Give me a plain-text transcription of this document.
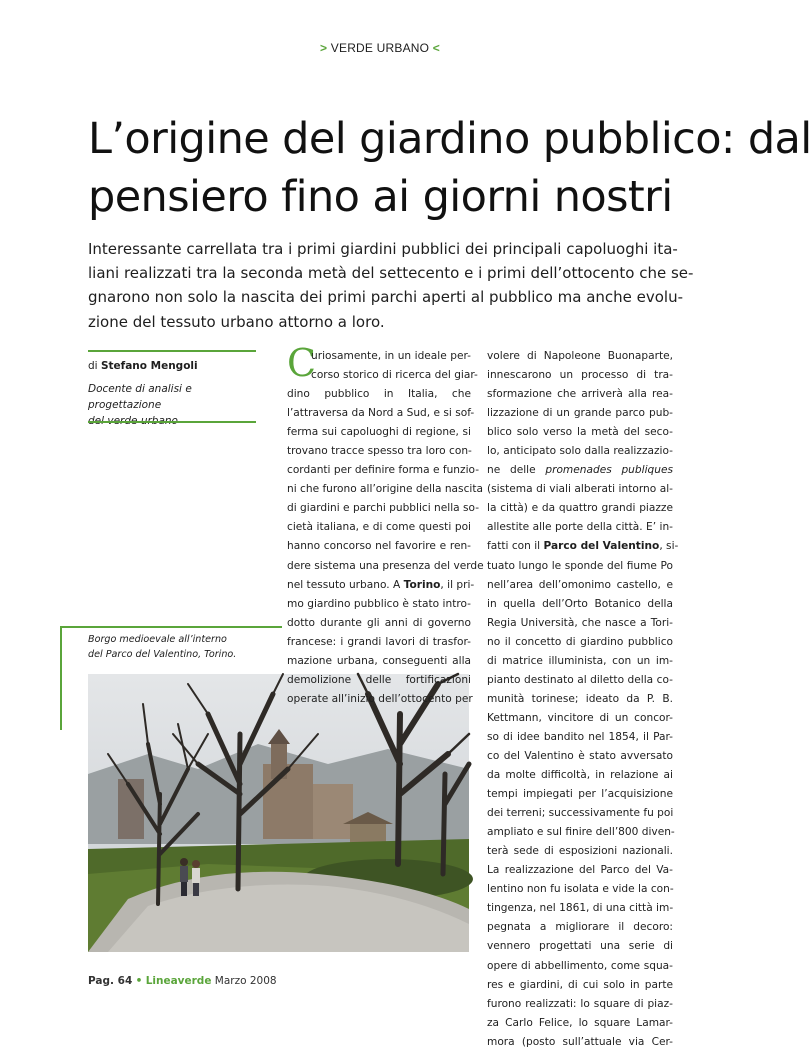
> VERDE URBANO <
L’origine del giardino pubblico: dal
pensiero fino ai giorni nostri
Interessante carrellata tra i primi giardini pubblici dei principali capoluoghi ita-
liani realizzati tra la seconda metà del settecento e i primi dell’ottocento che se-
gnarono non solo la nascita dei primi parchi aperti al pubblico ma anche evolu-
zione del tessuto urbano attorno a loro.
di Stefano Mengoli
Docente di analisi e progettazione
Borgo medioevale all’interno
del Parco del Valentino, Torino.
C
uriosamente, in un ideale per-
corso storico di ricerca del giar-
dino pubblico in Italia, che
l’attraversa da Nord a Sud, e si sof-
ferma sui capoluoghi di regione, si
trovano tracce spesso tra loro con-
cordanti per definire forma e funzio-
ni che furono all’origine della nascita
di giardini e parchi pubblici nella so-
cietà italiana, e di come questi poi
hanno concorso nel favorire e ren-
dere sistema una presenza del verde
nel tessuto urbano. A Torino, il pri-
mo giardino pubblico è stato intro-
dotto durante gli anni di governo
francese: i grandi lavori di trasfor-
mazione urbana, conseguenti alla
demolizione delle fortificazioni
operate all’inizio dell’ottocento per
volere di Napoleone Buonaparte,
innescarono un processo di tra-
sformazione che arriverà alla rea-
lizzazione di un grande parco pub-
blico solo verso la metà del seco-
lo, anticipato solo dalla realizzazio-
ne delle promenades publiques
(sistema di viali alberati intorno al-
la città) e da quattro grandi piazze
allestite alle porte della città. E’ in-
fatti con il Parco del Valentino, si-
tuato lungo le sponde del fiume Po
nell’area dell’omonimo castello, e
in quella dell’Orto Botanico della
Regia Università, che nasce a Tori-
no il concetto di giardino pubblico
di matrice illuminista, con un im-
pianto destinato al diletto della co-
munità torinese; ideato da P. B.
Kettmann, vincitore di un concor-
so di idee bandito nel 1854, il Par-
co del Valentino è stato avversato
da molte difficoltà, in relazione ai
tempi impiegati per l’acquisizione
dei terreni; successivamente fu poi
ampliato e sul finire dell’800 diven-
terà sede di esposizioni nazionali.
La realizzazione del Parco del Va-
lentino non fu isolata e vide la con-
tingenza, nel 1861, di una città im-
pegnata a migliorare il decoro:
vennero progettati una serie di
opere di abbellimento, come squa-
res e giardini, di cui solo in parte
furono realizzati: lo square di piaz-
za Carlo Felice, lo square Lamar-
mora (posto sull’attuale via Cer-
Pag. 64 • Lineaverde Marzo 2008
